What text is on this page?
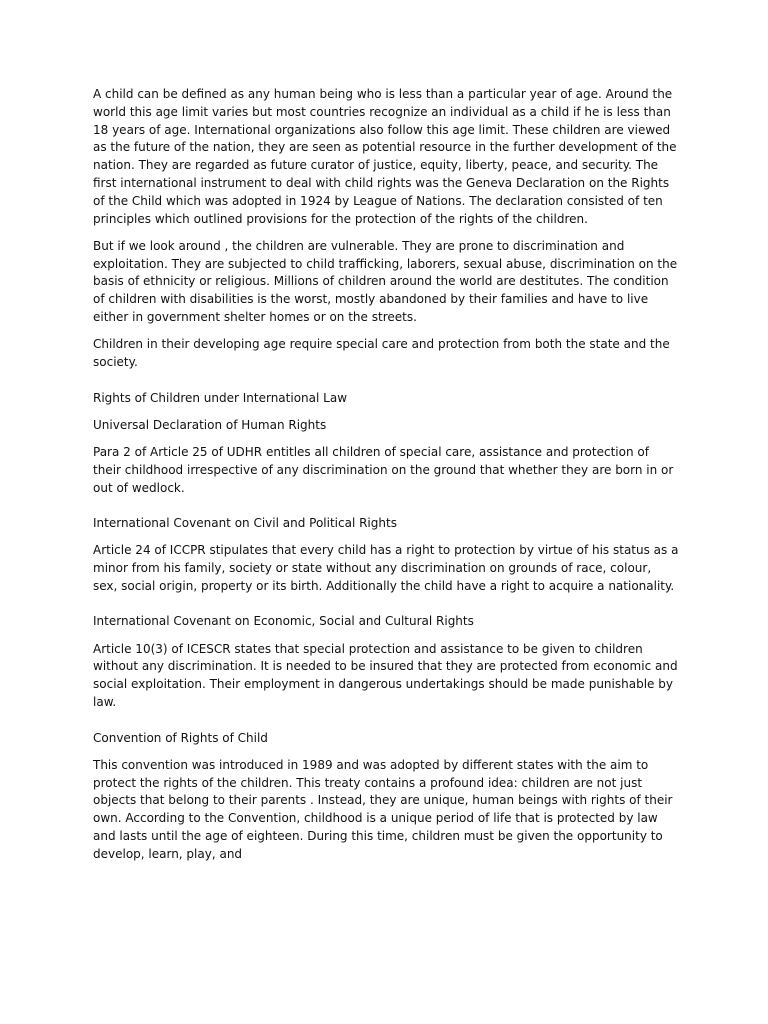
A child can be defined as any human being who is less than a particular year of age. Around the world this age limit varies but most countries recognize an individual as a child if he is less than 18 years of age. International organizations also follow this age limit. These children are viewed as the future of the nation, they are seen as potential resource in the further development of the nation. They are regarded as future curator of justice, equity, liberty, peace, and security. The first international instrument to deal with child rights was the Geneva Declaration on the Rights of the Child which was adopted in 1924 by League of Nations. The declaration consisted of ten principles which outlined provisions for the protection of the rights of the children.

But if we look around , the children are vulnerable. They are prone to discrimination and exploitation. They are subjected to child trafficking, laborers, sexual abuse, discrimination on the basis of ethnicity or religious. Millions of children around the world are destitutes. The condition of children with disabilities is the worst, mostly abandoned by their families and have to live either in government shelter homes or on the streets.

Children in their developing age require special care and protection from both the state and the society.

Rights of Children under International Law

Universal Declaration of Human Rights

Para 2 of Article 25 of UDHR entitles all children of special care, assistance and protection of their childhood irrespective of any discrimination on the ground that whether they are born in or out of wedlock.

International Covenant on Civil and Political Rights

Article 24 of ICCPR stipulates that every child has a right to protection by virtue of his status as a minor from his family, society or state without any discrimination on grounds of race, colour, sex, social origin, property or its birth. Additionally the child have a right to acquire a nationality.

International Covenant on Economic, Social and Cultural Rights

Article 10(3) of ICESCR states that special protection and assistance to be given to children without any discrimination. It is needed to be insured that they are protected from economic and social exploitation. Their employment in dangerous undertakings should be made punishable by law.

Convention of Rights of Child

This convention was introduced in 1989 and was adopted by different states with the aim to protect the rights of the children. This treaty contains a profound idea: children are not just objects that belong to their parents . Instead, they are unique, human beings with rights of their own. According to the Convention, childhood is a unique period of life that is protected by law and lasts until the age of eighteen. During this time, children must be given the opportunity to develop, learn, play, and
